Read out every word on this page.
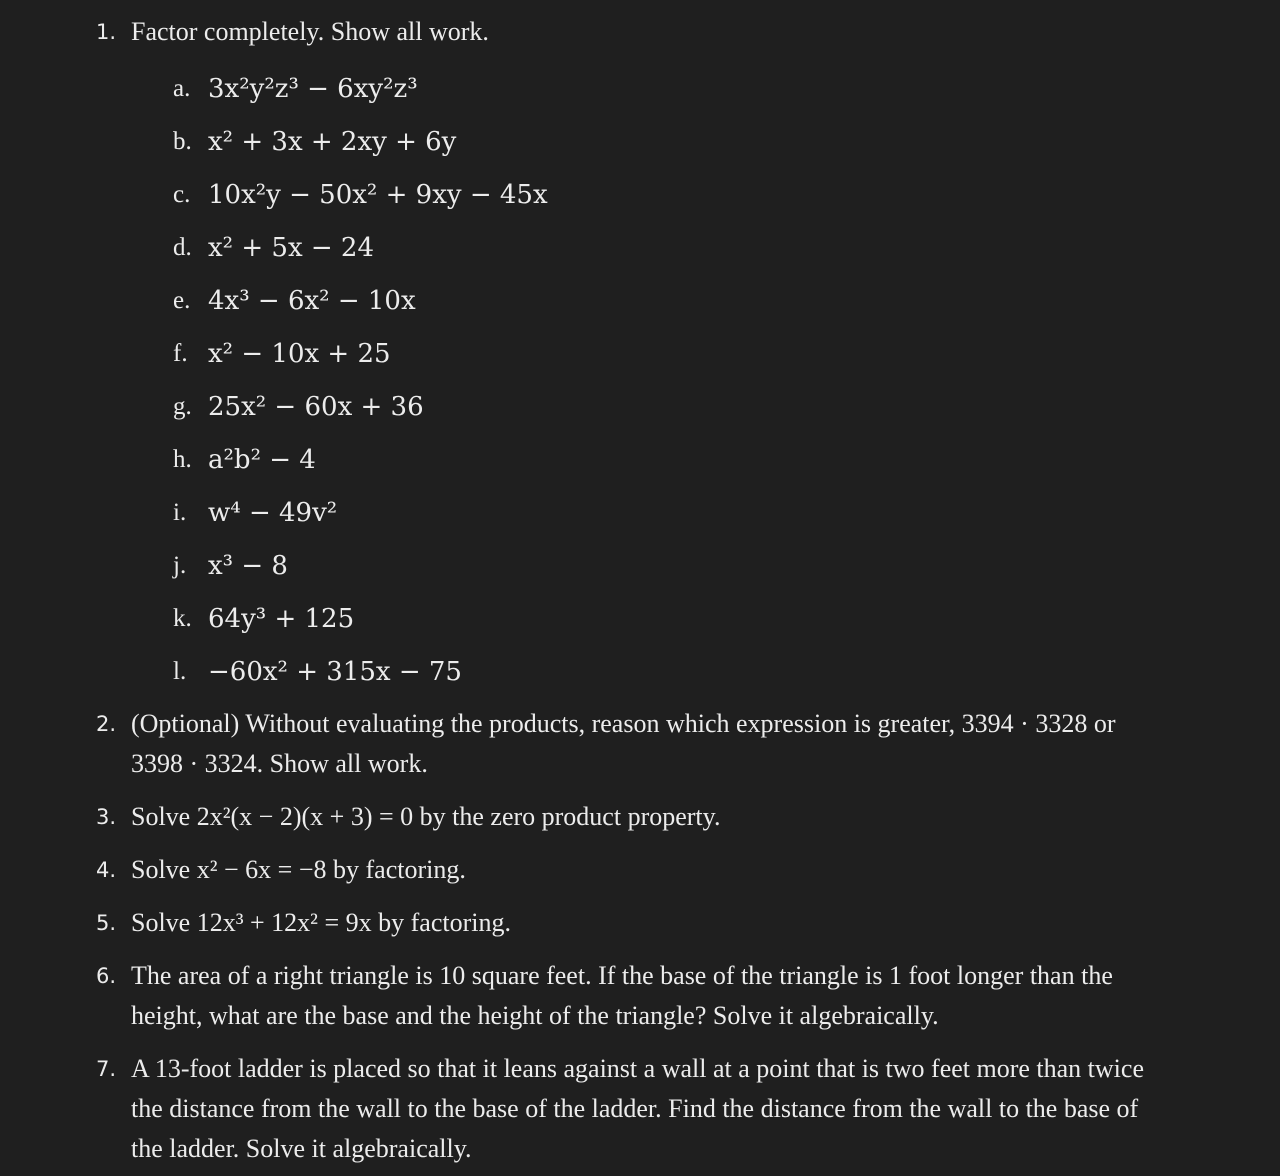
1. Factor completely. Show all work.
a. 3x²y²z³ − 6xy²z³
b. x² + 3x + 2xy + 6y
c. 10x²y − 50x² + 9xy − 45x
d. x² + 5x − 24
e. 4x³ − 6x² − 10x
f. x² − 10x + 25
g. 25x² − 60x + 36
h. a²b² − 4
i. w⁴ − 49v²
j. x³ − 8
k. 64y³ + 125
l. −60x² + 315x − 75
2. (Optional) Without evaluating the products, reason which expression is greater, 3394 · 3328 or 3398 · 3324. Show all work.
3. Solve 2x²(x − 2)(x + 3) = 0 by the zero product property.
4. Solve x² − 6x = −8 by factoring.
5. Solve 12x³ + 12x² = 9x by factoring.
6. The area of a right triangle is 10 square feet. If the base of the triangle is 1 foot longer than the height, what are the base and the height of the triangle? Solve it algebraically.
7. A 13-foot ladder is placed so that it leans against a wall at a point that is two feet more than twice the distance from the wall to the base of the ladder. Find the distance from the wall to the base of the ladder. Solve it algebraically.
